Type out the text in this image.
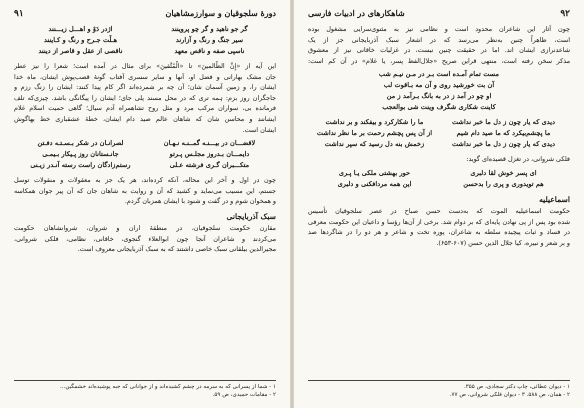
دورهٔ سلجوقیان و سوارزمشاهیان
۹۱
گر جو ناهید و گر چو پروینند
اژدر دَوْ و اهـــل زیـــنند
سیر جنگ و رنگ و آزارند
هـلْت جـرح و رنگ و کـاینند
ناسپی صفه و ناقص معهد
ناقصی از عقل و قاصر از دینند
این آیه از «إِنَّ الظّالمينَ» تا «الْمُتَّقينَ» برای مثال در آمده است؛ شعرا را نیز عطر
جان مشک بهارانی و فضل او، آنها و سایر سسری آفتاب گونهٔ قصب‌پوش ایشان، ماه خدا
ایشان را، و زمین آسمان شان؛ آن چه بر شمرده‌اند اگر کام پیدا کنند: ایشان را زنگ رزم و
جاجگران روز بزم: ہمه تری که در محل مسند پلی جای؛ ایشان را پیگانگی باشد. چیزی‌که تلف
فرمانده بی، سواران مرکب مرد و مثل روح تشاهمراه آدم سیال؛ گاهی حمیت اسلام غلام
ایشانند و محاسن شان که شاهان عالم صید دام ایشان، خطهٔ عشقباری خط بهاگوش
ایشان است.
لاقضـــان در بیـــنـه گمــنـه نـهـان
لصرانـان در شکر بـسـتـه دفـتن
دایمـــان بـدروز مجلـس پـرتو
جانـستانان روز پـیکار بـیمـی
متکـــبران گـری فرشته عـلی
رستم‌زادگان راست رسته آنـدر زیـنی
چون در اول و آخر این محاله، آنکه کرده‌اند، هر یک جز به معقولات و منقولات توسل
جستم، این مسیب می‌نماید و کشید که آن و روایت به شاهان جان که آن پیر جوان همکاسه
و همخوان شوم و در گفت و شنود با ایشان همزبان گردم.
سبک آذربایجانی
مقارن حکومت سلجوقیان، در منطقهٔ اران و شروان، شروانشاهان حکومت
می‌کردند و شاعران آنجا چون ابوالعلاء گنجوی، خاقانی، نظامی، فلکی شروانی،
مجیرالدین بیلقانی سبک خاصی داشتند که به سبک آذربایجانی معروف است.
۱ - شما از پسرانی که به سرمه در چشم کشیده‌اند و از جوانانی که جبه پوشیده‌اند خشمگین...
۲ - مقامات حمیدی، ص ۵۹.
۹۲
شاهکارهای در ادبیات فارسی
چون آثار این شاعران محدود است و نظامی نیز به مثنوی‌سرایی مشغول بوده
است، ظاهراً چنین به‌نظر می‌رسد که در اشعار سبک آذربایجانی جز از یک
شاعدنرازی ایشان اند. اما در حقیقت چنین نیست، در غزلیات خاقانی نیز از معشوق
مذکر سخن رفته است، منتهی قراین صریح «جلال‌الفظ پسر، یا غلام» در آن کم است:
مست تمام آمـده است بـر در مـن نیـم شب
آن بت خورشید روی و آن مه بـاقوت لب
او چو در آمد ز در به بانگ بـرآمد ز من
کاینت شکاری شگرف وینت شی بوالعجب
دیدی که یار چون ز دل ما خبر نداشت
ما را شکارکرد و بیفکند و بر نداشت
ما پچشم‌بیکرد که ما صید دام شیم
از آن پس پچشم رحمت بر ما نظر نداشت
دیدی که یار چون ز دل ما خبر نداشت
زخمش بنه دل رسید که سپر نداشت
فلکی شروانی، در تغزل قصیده‌ای گوید:
ای پسر خوش لقا دلبری
حور بهشتی ملکی یـا پـری
هم تویدوری و پری را بدحسن
این همه مردافکنی و دلبری
اسماعیلیه
حکومت اسماعیلیه الموت که به‌دست حسن صباح در عصر سلجوقیان تأسیس
شده بود پس از پی نهادن پایه‌ای که بر دوام شد. برخی از آن‌ها رؤسا و داعیان این حکومت معرفی
در فساد و ثبات پیچیده سلطه به شاعران، پوره تخت و شاعر و هر دو را در شاگرد‌ها صد
و بر شعر و نبیره، کیا جلال الدین حسن (۶۰۷-۶۵۳).
۱ - دیوان عطائی، چاپ دکتر سجادی، ص ۳۵۵.
۲ - همان، ص ۵۸۸. ۳ - دیوان فلکی شروانی، ص ۷۷.
